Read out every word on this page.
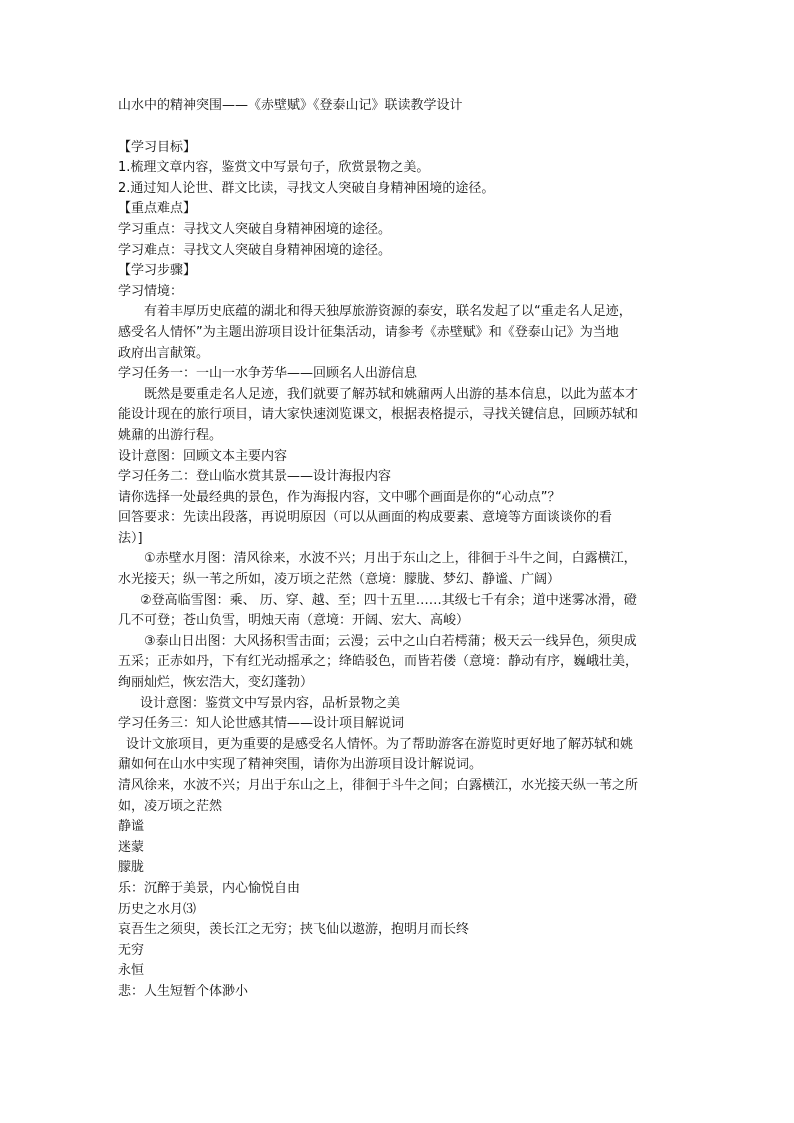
山水中的精神突围——《赤壁赋》《登泰山记》联读教学设计
【学习目标】
1.梳理文章内容，鉴赏文中写景句子，欣赏景物之美。
2.通过知人论世、群文比读，寻找文人突破自身精神困境的途径。
【重点难点】
学习重点：寻找文人突破自身精神困境的途径。
学习难点：寻找文人突破自身精神困境的途径。
【学习步骤】
学习情境：
有着丰厚历史底蕴的湖北和得天独厚旅游资源的泰安，联名发起了以“重走名人足迹，
感受名人情怀”为主题出游项目设计征集活动，请参考《赤壁赋》和《登泰山记》为当地
政府出言献策。
学习任务一：一山一水争芳华——回顾名人出游信息
既然是要重走名人足迹，我们就要了解苏轼和姚鼐两人出游的基本信息，以此为蓝本才
能设计现在的旅行项目，请大家快速浏览课文，根据表格提示，寻找关键信息，回顾苏轼和
姚鼐的出游行程。
设计意图：回顾文本主要内容
学习任务二：登山临水赏其景——设计海报内容
请你选择一处最经典的景色，作为海报内容，文中哪个画面是你的“心动点”？
回答要求：先读出段落，再说明原因（可以从画面的构成要素、意境等方面谈谈你的看
法）]
①赤壁水月图：清风徐来，水波不兴；月出于东山之上，徘徊于斗牛之间，白露横江，
水光接天；纵一苇之所如，凌万顷之茫然（意境：朦胧、梦幻、静谧、广阔）
②登高临雪图：乘、 历、穿、越、至；四十五里……其级七千有余；道中迷雾冰滑，磴
几不可登；苍山负雪，明烛天南（意境：开阔、宏大、高峻）
③泰山日出图：大风扬积雪击面；云漫；云中之山白若樗蒲；极天云一线异色，须臾成
五采；正赤如丹，下有红光动摇承之；绛皓驳色，而皆若偻（意境：静动有序，巍峨壮美，
绚丽灿烂，恢宏浩大，变幻蓬勃）
设计意图：鉴赏文中写景内容，品析景物之美
学习任务三：知人论世感其情——设计项目解说词
设计文旅项目，更为重要的是感受名人情怀。为了帮助游客在游览时更好地了解苏轼和姚
鼐如何在山水中实现了精神突围，请你为出游项目设计解说词。
清风徐来，水波不兴；月出于东山之上，徘徊于斗牛之间；白露横江，水光接天纵一苇之所
如，凌万顷之茫然
静谧
迷蒙
朦胧
乐：沉醉于美景，内心愉悦自由
历史之水月⑶
哀吾生之须臾，羡长江之无穷；挟飞仙以遨游，抱明月而长终
无穷
永恒
悲：人生短暂个体渺小
